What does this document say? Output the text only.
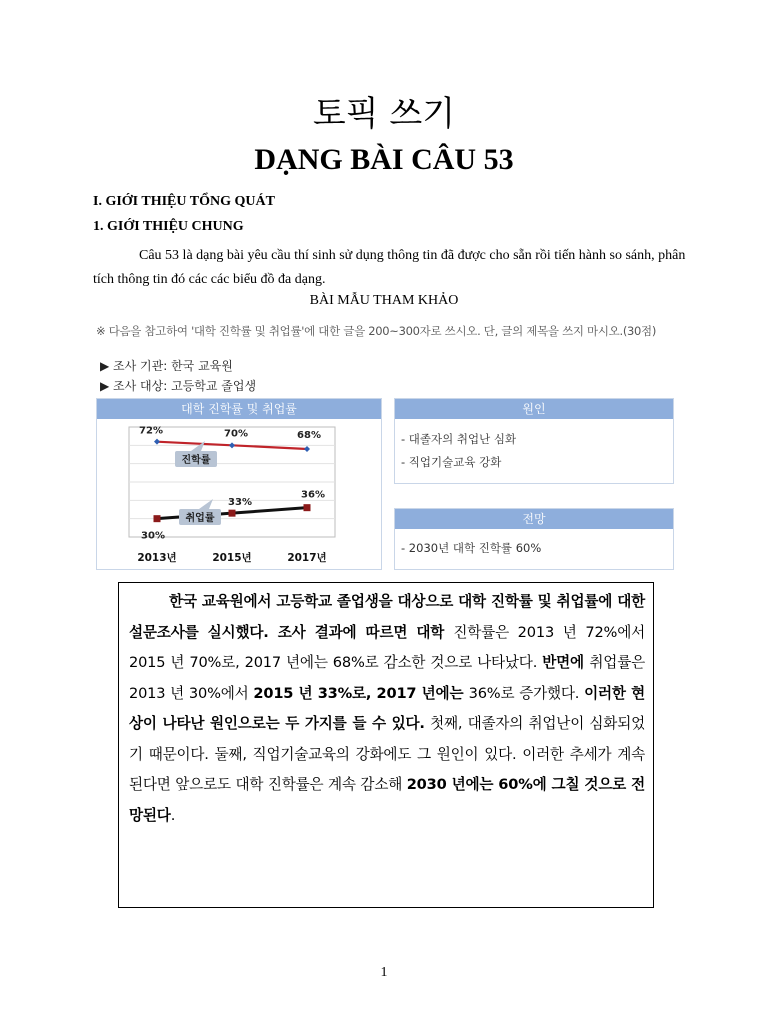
토픽 쓰기
DẠNG BÀI CÂU 53
I. GIỚI THIỆU TỔNG QUÁT
1. GIỚI THIỆU CHUNG
Câu 53 là dạng bài yêu cầu thí sinh sử dụng thông tin đã được cho sẵn rồi tiến hành so sánh, phân tích thông tin đó các các biểu đồ đa dạng.
BÀI MẪU THAM KHẢO
※ 다음을 참고하여 '대학 진학률 및 취업률'에 대한 글을 200~300자로 쓰시오. 단, 글의 제목을 쓰지 마시오.(30점)
▶ 조사 기관: 한국 교육원
▶ 조사 대상: 고등학교 졸업생
대학 진학률 및 취업률
2013년	2015년	2017년
72%	70%	68%
30%
33%
36%
진학률
취업률
원인
- 대졸자의 취업난 심화
- 직업기술교육 강화
전망
- 2030년 대학 진학률 60%
한국 교육원에서 고등학교 졸업생을 대상으로 대학 진학률 및 취업률에 대한 설문조사를 실시했다. 조사 결과에 따르면 대학 진학률은 2013 년 72%에서 2015 년 70%로, 2017 년에는 68%로 감소한 것으로 나타났다. 반면에 취업률은 2013 년 30%에서 2015 년 33%로, 2017 년에는 36%로 증가했다. 이러한 현상이 나타난 원인으로는 두 가지를 들 수 있다. 첫째, 대졸자의 취업난이 심화되었기 때문이다. 둘째, 직업기술교육의 강화에도 그 원인이 있다. 이러한 추세가 계속된다면 앞으로도 대학 진학률은 계속 감소해 2030 년에는 60%에 그칠 것으로 전망된다.
1
